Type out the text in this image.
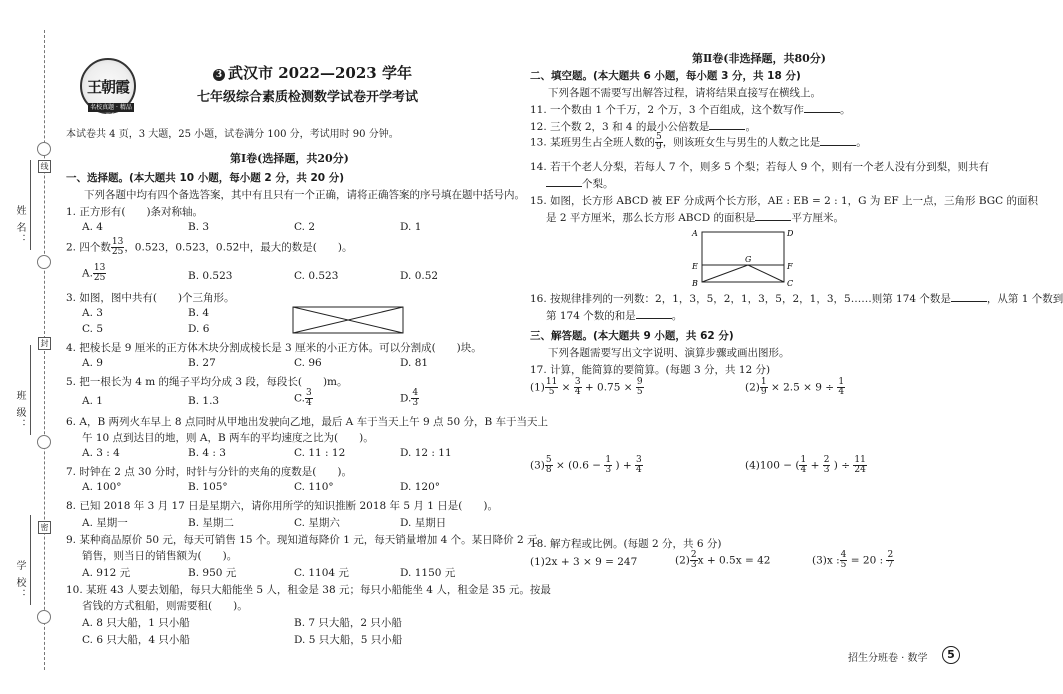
线
封
密
姓 名：
班 级：
学 校：
王朝霞
名校真题 · 精品课程
3 武汉市 2022—2023 学年
七年级综合素质检测数学试卷开学考试
本试卷共 4 页，3 大题，25 小题，试卷满分 100 分，考试用时 90 分钟。
第Ⅰ卷(选择题，共20分)
一、选择题。(本大题共 10 小题，每小题 2 分，共 20 分)
下列各题中均有四个备选答案，其中有且只有一个正确，请将正确答案的序号填在题中括号内。
1. 正方形有(　　)条对称轴。
A. 4	B. 3	C. 2	D. 1
2. 四个数 $\frac{13}{25}$ ，0.523，0.523̇，0.52̇中，最大的数是(　　)。
A. $\frac{13}{25}$	B. 0.523	C. 0.523̇	D. 0.52̇
3. 如图，图中共有(　　)个三角形。
A. 3	B. 4
C. 5	D. 6
4. 把棱长是 9 厘米的正方体木块分割成棱长是 3 厘米的小正方体。可以分割成(　　)块。
A. 9	B. 27	C. 96	D. 81
5. 把一根长为 4 m 的绳子平均分成 3 段，每段长(　　)m。
A. 1	B. 1.3	C. $\frac{3}{4}$	D. $\frac{4}{3}$
6. A，B 两列火车早上 8 点同时从甲地出发驶向乙地，最后 A 车于当天上午 9 点 50 分，B 车于当天上
午 10 点到达目的地，则 A，B 两车的平均速度之比为(　　)。
A. 3 : 4	B. 4 : 3	C. 11 : 12	D. 12 : 11
7. 时钟在 2 点 30 分时，时针与分针的夹角的度数是(　　)。
A. 100°	B. 105°	C. 110°	D. 120°
8. 已知 2018 年 3 月 17 日是星期六，请你用所学的知识推断 2018 年 5 月 1 日是(　　)。
A. 星期一	B. 星期二	C. 星期六	D. 星期日
9. 某种商品原价 50 元，每天可销售 15 个。现知道每降价 1 元，每天销量增加 4 个。某日降价 2 元
销售，则当日的销售额为(　　)。
A. 912 元	B. 950 元	C. 1104 元	D. 1150 元
10. 某班 43 人要去划船，每只大船能坐 5 人，租金是 38 元；每只小船能坐 4 人，租金是 35 元。按最
省钱的方式租船，则需要租(　　)。
A. 8 只大船，1 只小船	B. 7 只大船，2 只小船
C. 6 只大船，4 只小船	D. 5 只大船，5 只小船
第Ⅱ卷(非选择题，共80分)
二、填空题。(本大题共 6 小题，每小题 3 分，共 18 分)
下列各题不需要写出解答过程，请将结果直接写在横线上。
11. 一个数由 1 个千万，2 个万，3 个百组成，这个数写作	。
12. 三个数 2，3 和 4 的最小公倍数是	。
13. 某班男生占全班人数的 $\frac{5}{9}$ ，则该班女生与男生的人数之比是	。
14. 若干个老人分梨，若每人 7 个，则多 5 个梨；若每人 9 个，则有一个老人没有分到梨，则共有
个梨。
15. 如图，长方形 ABCD 被 EF 分成两个长方形，AE : EB = 2 : 1，G 为 EF 上一点，三角形 BGC 的面积
是 2 平方厘米，那么长方形 ABCD 的面积是	平方厘米。
A	D
E
G
F
B	C
16. 按规律排列的一列数：2，1，3，5，2，1，3，5，2，1，3，5……则第 174 个数是	，从第 1 个数到
第 174 个数的和是	。
三、解答题。(本大题共 9 小题，共 62 分)
下列各题需要写出文字说明、演算步骤或画出图形。
17. 计算，能简算的要简算。(每题 3 分，共 12 分)
$(1) \frac{11}{5} \times \frac{3}{4} + 0.75 \times \frac{9}{5}$	$(2) \frac{1}{9} \times 2.5 \times 9 \div \frac{1}{4}$
$(3) \frac{5}{8} \times (0.6 - \frac{1}{3}$ ) + $\frac{3}{4}$	(4)100 − ( $\frac{1}{4} + \frac{2}{3}$ ) ÷ $\frac{11}{24}$
18. 解方程或比例。(每题 2 分，共 6 分)
(1)2x + 3 × 9 = 247	$(2) \frac{2}{3}$ x + 0.5x = 42	(3)x : $\frac{4}{5} = 20$ : $\frac{2}{7}$
招生分班卷 · 数学	5
